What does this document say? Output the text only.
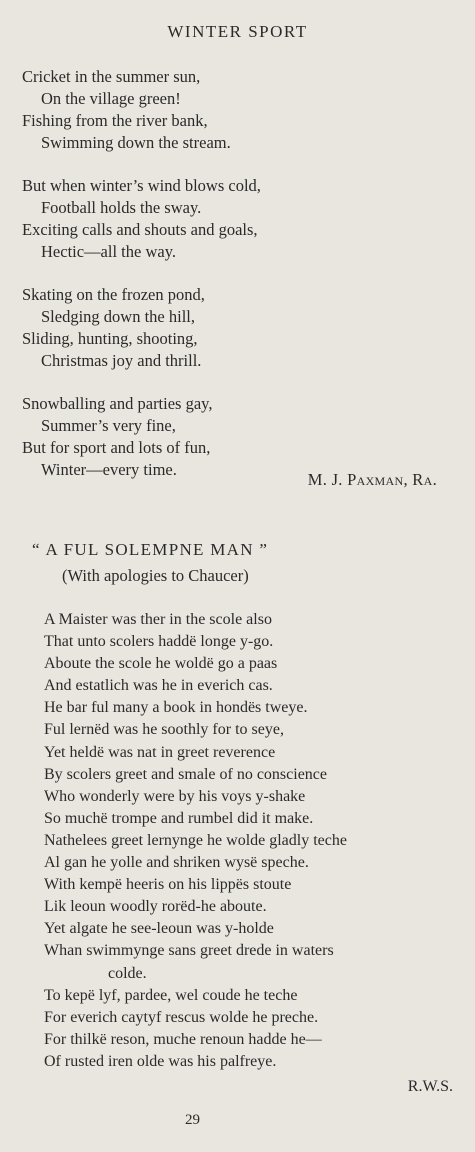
WINTER SPORT
Cricket in the summer sun,
On the village green!
Fishing from the river bank,
Swimming down the stream.
But when winter’s wind blows cold,
Football holds the sway.
Exciting calls and shouts and goals,
Hectic—all the way.
Skating on the frozen pond,
Sledging down the hill,
Sliding, hunting, shooting,
Christmas joy and thrill.
Snowballing and parties gay,
Summer’s very fine,
But for sport and lots of fun,
Winter—every time.
M. J. Paxman, Ra.
“ A FUL SOLEMPNE MAN ”
(With apologies to Chaucer)
A Maister was ther in the scole also
That unto scolers haddë longe y-go.
Aboute the scole he woldë go a paas
And estatlich was he in everich cas.
He bar ful many a book in hondës tweye.
Ful lernëd was he soothly for to seye,
Yet heldë was nat in greet reverence
By scolers greet and smale of no conscience
Who wonderly were by his voys y-shake
So muchë trompe and rumbel did it make.
Nathelees greet lernynge he wolde gladly teche
Al gan he yolle and shriken wysë speche.
With kempë heeris on his lippës stoute
Lik leoun woodly rorëd-he aboute.
Yet algate he see-leoun was y-holde
Whan swimmynge sans greet drede in waters
colde.
To kepë lyf, pardee, wel coude he teche
For everich caytyf rescus wolde he preche.
For thilkë reson, muche renoun hadde he—
Of rusted iren olde was his palfreye.
R.W.S.
29
